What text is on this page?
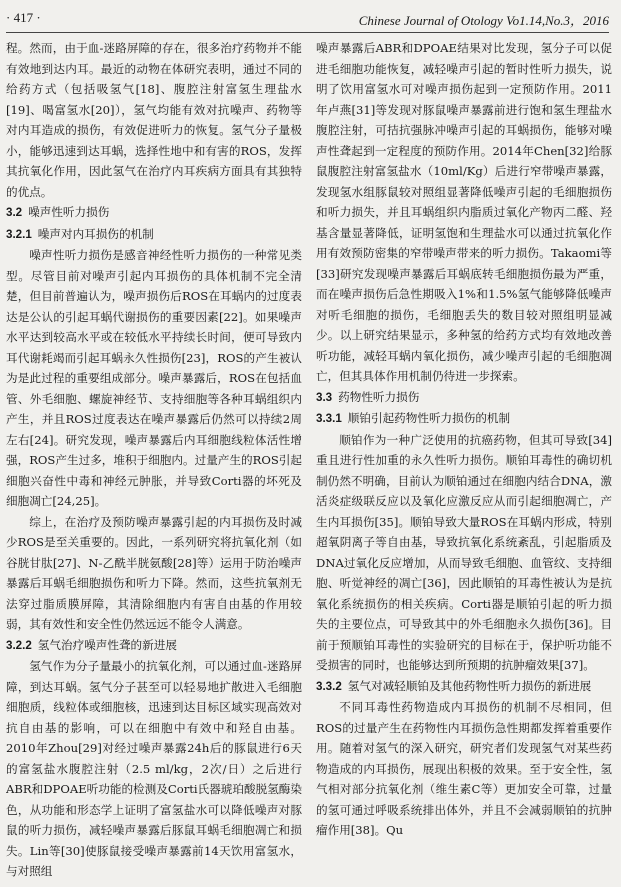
· 417 ·	Chinese Journal of Otology Vo1.14,No.3，2016

程。然而，由于血-迷路屏障的存在，很多治疗药物并不能有效地到达内耳。最近的动物在体研究表明，通过不同的给药方式（包括吸氢气[18]、腹腔注射富氢生理盐水[19]、喝富氢水[20]），氢气均能有效对抗噪声、药物等对内耳造成的损伤，有效促进听力的恢复。氢气分子量极小，能够迅速到达耳蜗，选择性地中和有害的ROS，发挥其抗氧化作用，因此氢气在治疗内耳疾病方面具有其独特的优点。

3.2 噪声性听力损伤
3.2.1 噪声对内耳损伤的机制

噪声性听力损伤是感音神经性听力损伤的一种常见类型。尽管目前对噪声引起内耳损伤的具体机制不完全清楚，但目前普遍认为，噪声损伤后ROS在耳蜗内的过度表达是公认的引起耳蜗代谢损伤的重要因素[22]。如果噪声水平达到较高水平或在较低水平持续长时间，便可导致内耳代谢耗竭而引起耳蜗永久性损伤[23]，ROS的产生被认为是此过程的重要组成部分。噪声暴露后，ROS在包括血管、外毛细胞、螺旋神经节、支持细胞等各种耳蜗组织内产生，并且ROS过度表达在噪声暴露后仍然可以持续2周左右[24]。研究发现，噪声暴露后内耳细胞线粒体活性增强，ROS产生过多，堆积于细胞内。过量产生的ROS引起细胞兴奋性中毒和神经元肿胀，并导致Corti器的坏死及细胞凋亡[24,25]。

综上，在治疗及预防噪声暴露引起的内耳损伤及时减少ROS是至关重要的。因此，一系列研究将抗氧化剂（如谷胱甘肽[27]、N-乙酰半胱氨酸[28]等）运用于防治噪声暴露后耳蜗毛细胞损伤和听力下降。然而，这些抗氧剂无法穿过脂质膜屏障，其清除细胞内有害自由基的作用较弱，其有效性和安全性仍然远远不能令人满意。

3.2.2 氢气治疗噪声性聋的新进展

氢气作为分子量最小的抗氧化剂，可以通过血-迷路屏障，到达耳蜗。氢气分子甚至可以轻易地扩散进入毛细胞细胞质，线粒体或细胞核，迅速到达目标区域实现高效对抗自由基的影响，可以在细胞中有效中和羟自由基。2010年Zhou[29]对经过噪声暴露24h后的豚鼠进行6天的富氢盐水腹腔注射（2.5 ml/kg，2次/日）之后进行ABR和DPOAE听功能的检测及Corti氏器琥珀酸脱氢酶染色，从功能和形态学上证明了富氢盐水可以降低噪声对豚鼠的听力损伤，减轻噪声暴露后豚鼠耳蜗毛细胞凋亡和损失。Lin等[30]使豚鼠接受噪声暴露前14天饮用富氢水，与对照组

噪声暴露后ABR和DPOAE结果对比发现，氢分子可以促进毛细胞功能恢复，减轻噪声引起的暂时性听力损失，说明了饮用富氢水可对噪声损伤起到一定预防作用。2011年卢燕[31]等发现对豚鼠噪声暴露前进行饱和氢生理盐水腹腔注射，可拮抗强脉冲噪声引起的耳蜗损伤，能够对噪声性聋起到一定程度的预防作用。2014年Chen[32]给豚鼠腹腔注射富氢盐水（10ml/Kg）后进行窄带噪声暴露，发现氢水组豚鼠较对照组显著降低噪声引起的毛细胞损伤和听力损失，并且耳蜗组织内脂质过氧化产物丙二醛、羟基含量显著降低，证明氢饱和生理盐水可以通过抗氧化作用有效预防密集的窄带噪声带来的听力损伤。Takaomi等[33]研究发现噪声暴露后耳蜗底转毛细胞损伤最为严重，而在噪声损伤后急性期吸入1%和1.5%氢气能够降低噪声对听毛细胞的损伤，毛细胞丢失的数目较对照组明显减少。以上研究结果显示，多种氢的给药方式均有效地改善听功能，减轻耳蜗内氧化损伤，减少噪声引起的毛细胞凋亡，但其具体作用机制仍待进一步探索。

3.3 药物性听力损伤
3.3.1 顺铂引起药物性听力损伤的机制

顺铂作为一种广泛使用的抗癌药物，但其可导致[34]重且进行性加重的永久性听力损伤。顺铂耳毒性的确切机制仍然不明确，目前认为顺铂通过在细胞内结合DNA，激活炎症级联反应以及氧化应激反应从而引起细胞凋亡，产生内耳损伤[35]。顺铂导致大量ROS在耳蜗内形成，特别超氧阴离子等自由基，导致抗氧化系统紊乱，引起脂质及DNA过氧化反应增加，从而导致毛细胞、血管纹、支持细胞、听觉神经的凋亡[36]，因此顺铂的耳毒性被认为是抗氧化系统损伤的相关疾病。Corti器是顺铂引起的听力损失的主要位点，可导致其中的外毛细胞永久损伤[36]。目前于预顺铂耳毒性的实验研究的目标在于，保护听功能不受损害的同时，也能够达到所预期的抗肿瘤效果[37]。

3.3.2 氢气对减轻顺铂及其他药物性听力损伤的新进展

不同耳毒性药物造成内耳损伤的机制不尽相同，但ROS的过量产生在药物性内耳损伤急性期都发挥着重要作用。随着对氢气的深入研究，研究者们发现氢气对某些药物造成的内耳损伤，展现出积极的效果。至于安全性，氢气相对部分抗氧化剂（维生素C等）更加安全可靠，过量的氢可通过呼吸系统排出体外，并且不会减弱顺铂的抗肿瘤作用[38]。Qu
